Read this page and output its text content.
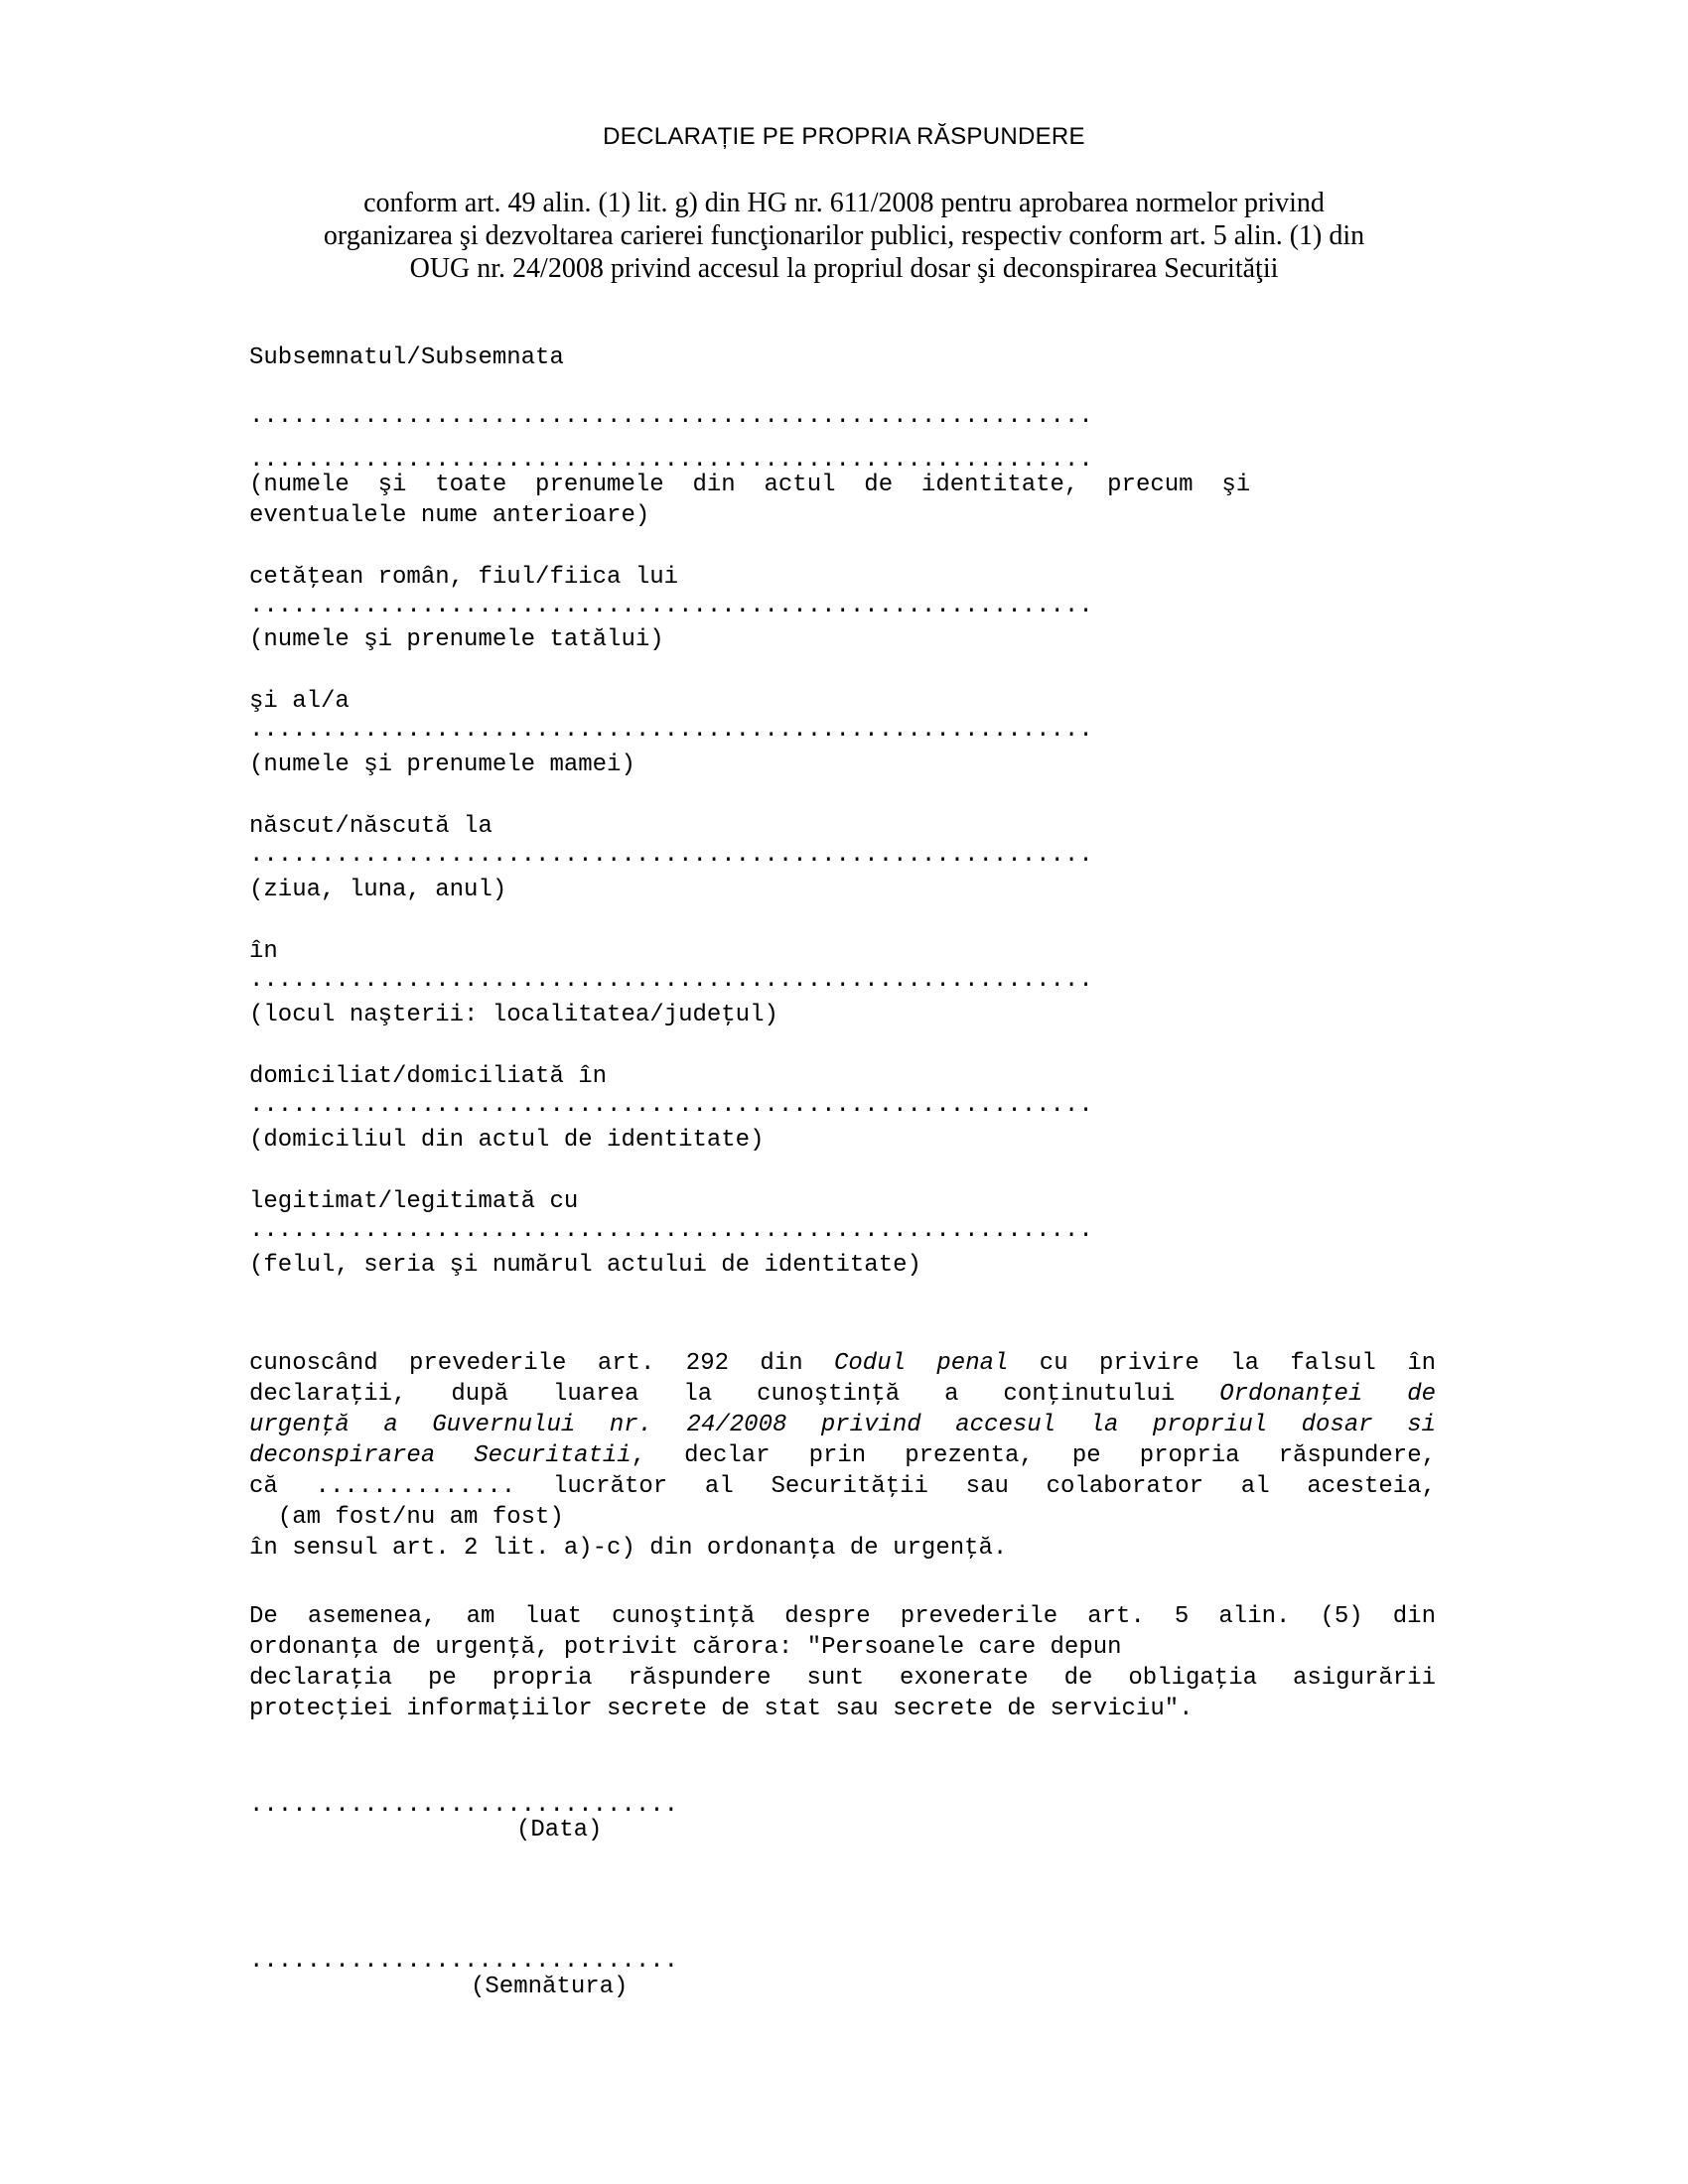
DECLARAȚIE PE PROPRIA RĂSPUNDERE
conform art. 49 alin. (1) lit. g) din HG nr. 611/2008 pentru aprobarea normelor privind
organizarea şi dezvoltarea carierei funcţionarilor publici, respectiv conform art. 5 alin. (1) din
OUG nr. 24/2008 privind accesul la propriul dosar şi deconspirarea Securităţii
Subsemnatul/Subsemnata
...........................................................
...........................................................
(numele  şi  toate  prenumele  din  actul  de  identitate,  precum  şi
eventualele nume anterioare)
cetăţean român, fiul/fiica lui
...........................................................
(numele şi prenumele tatălui)
şi al/a
...........................................................
(numele şi prenumele mamei)
născut/născută la
...........................................................
(ziua, luna, anul)
în
...........................................................
(locul naşterii: localitatea/judeţul)
domiciliat/domiciliată în
...........................................................
(domiciliul din actul de identitate)
legitimat/legitimată cu
...........................................................
(felul, seria şi numărul actului de identitate)
cunoscând prevederile art. 292 din Codul penal cu privire la falsul în
declaraţii, după luarea la cunoştinţă a conţinutului Ordonanţei de
urgenţă a Guvernului nr. 24/2008 privind accesul la propriul dosar si
deconspirarea Securitatii, declar prin prezenta, pe propria răspundere,
că .............. lucrător al Securităţii sau colaborator al acesteia,
(am fost/nu am fost)
în sensul art. 2 lit. a)-c) din ordonanţa de urgenţă.
De asemenea, am luat cunoştinţă despre prevederile art. 5 alin. (5) din
ordonanţa de urgenţă, potrivit cărora: "Persoanele care depun
declaraţia pe propria răspundere sunt exonerate de obligaţia asigurării
protecţiei informaţiilor secrete de stat sau secrete de serviciu".
..............................
(Data)
..............................
(Semnătura)
